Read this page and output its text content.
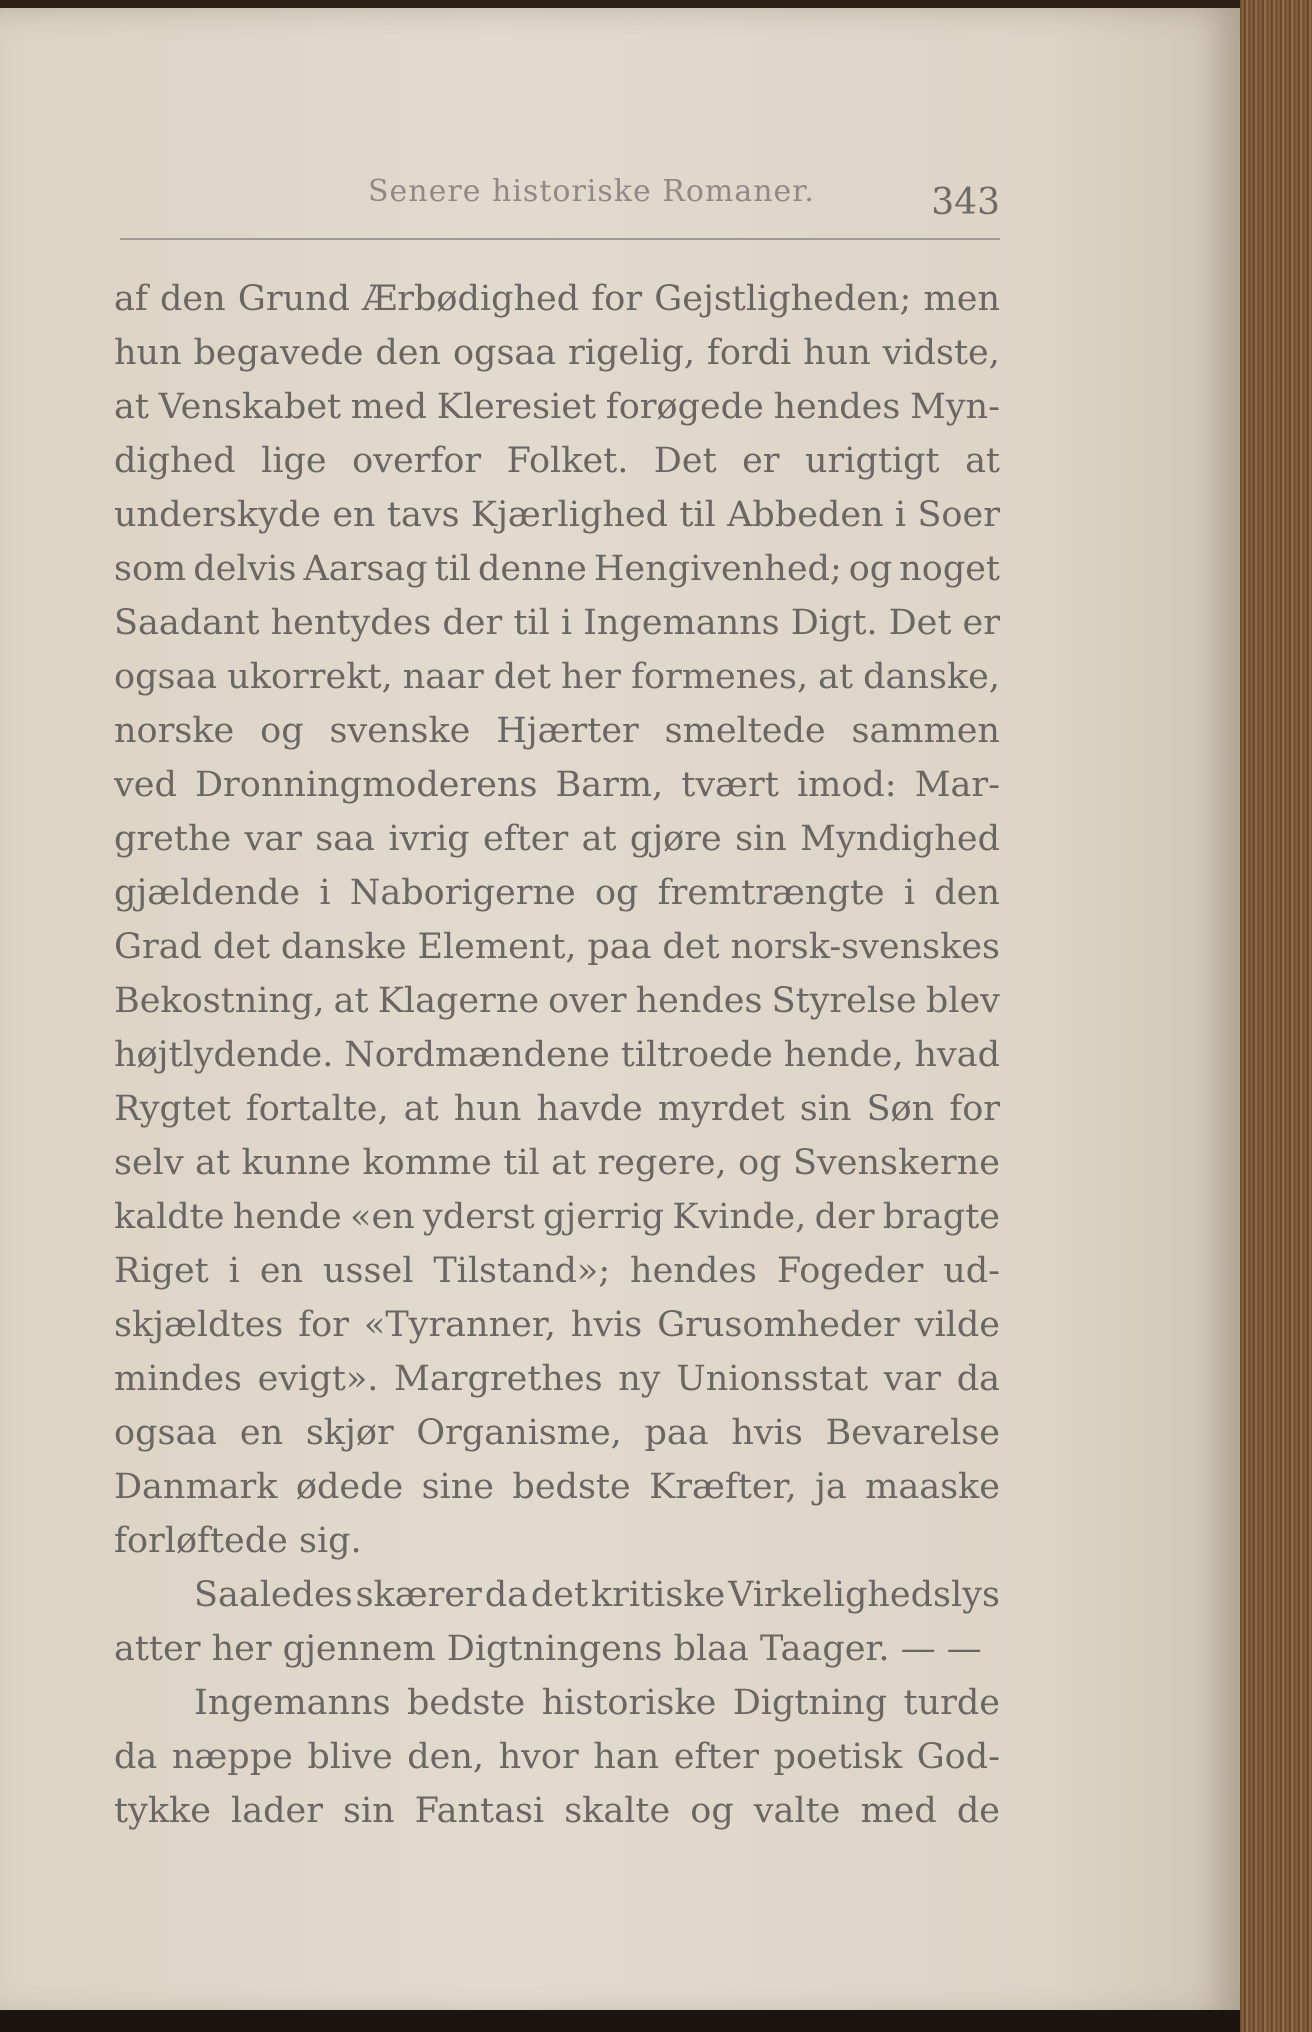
Senere historiske Romaner.	343
af den Grund Ærbødighed for Gejstligheden; men
hun begavede den ogsaa rigelig, fordi hun vidste,
at Venskabet med Kleresiet forøgede hendes Myn-
dighed lige overfor Folket. Det er urigtigt at
underskyde en tavs Kjærlighed til Abbeden i Soer
som delvis Aarsag til denne Hengivenhed; og noget
Saadant hentydes der til i Ingemanns Digt. Det er
ogsaa ukorrekt, naar det her formenes, at danske,
norske og svenske Hjærter smeltede sammen
ved Dronningmoderens Barm, tvært imod: Mar-
grethe var saa ivrig efter at gjøre sin Myndighed
gjældende i Naborigerne og fremtrængte i den
Grad det danske Element, paa det norsk-svenskes
Bekostning, at Klagerne over hendes Styrelse blev
højtlydende. Nordmændene tiltroede hende, hvad
Rygtet fortalte, at hun havde myrdet sin Søn for
selv at kunne komme til at regere, og Svenskerne
kaldte hende «en yderst gjerrig Kvinde, der bragte
Riget i en ussel Tilstand»; hendes Fogeder ud-
skjældtes for «Tyranner, hvis Grusomheder vilde
mindes evigt». Margrethes ny Unionsstat var da
ogsaa en skjør Organisme, paa hvis Bevarelse
Danmark ødede sine bedste Kræfter, ja maaske
forløftede sig.
Saaledes skærer da det kritiske Virkelighedslys
atter her gjennem Digtningens blaa Taager. — —
Ingemanns bedste historiske Digtning turde
da næppe blive den, hvor han efter poetisk God-
tykke lader sin Fantasi skalte og valte med de
